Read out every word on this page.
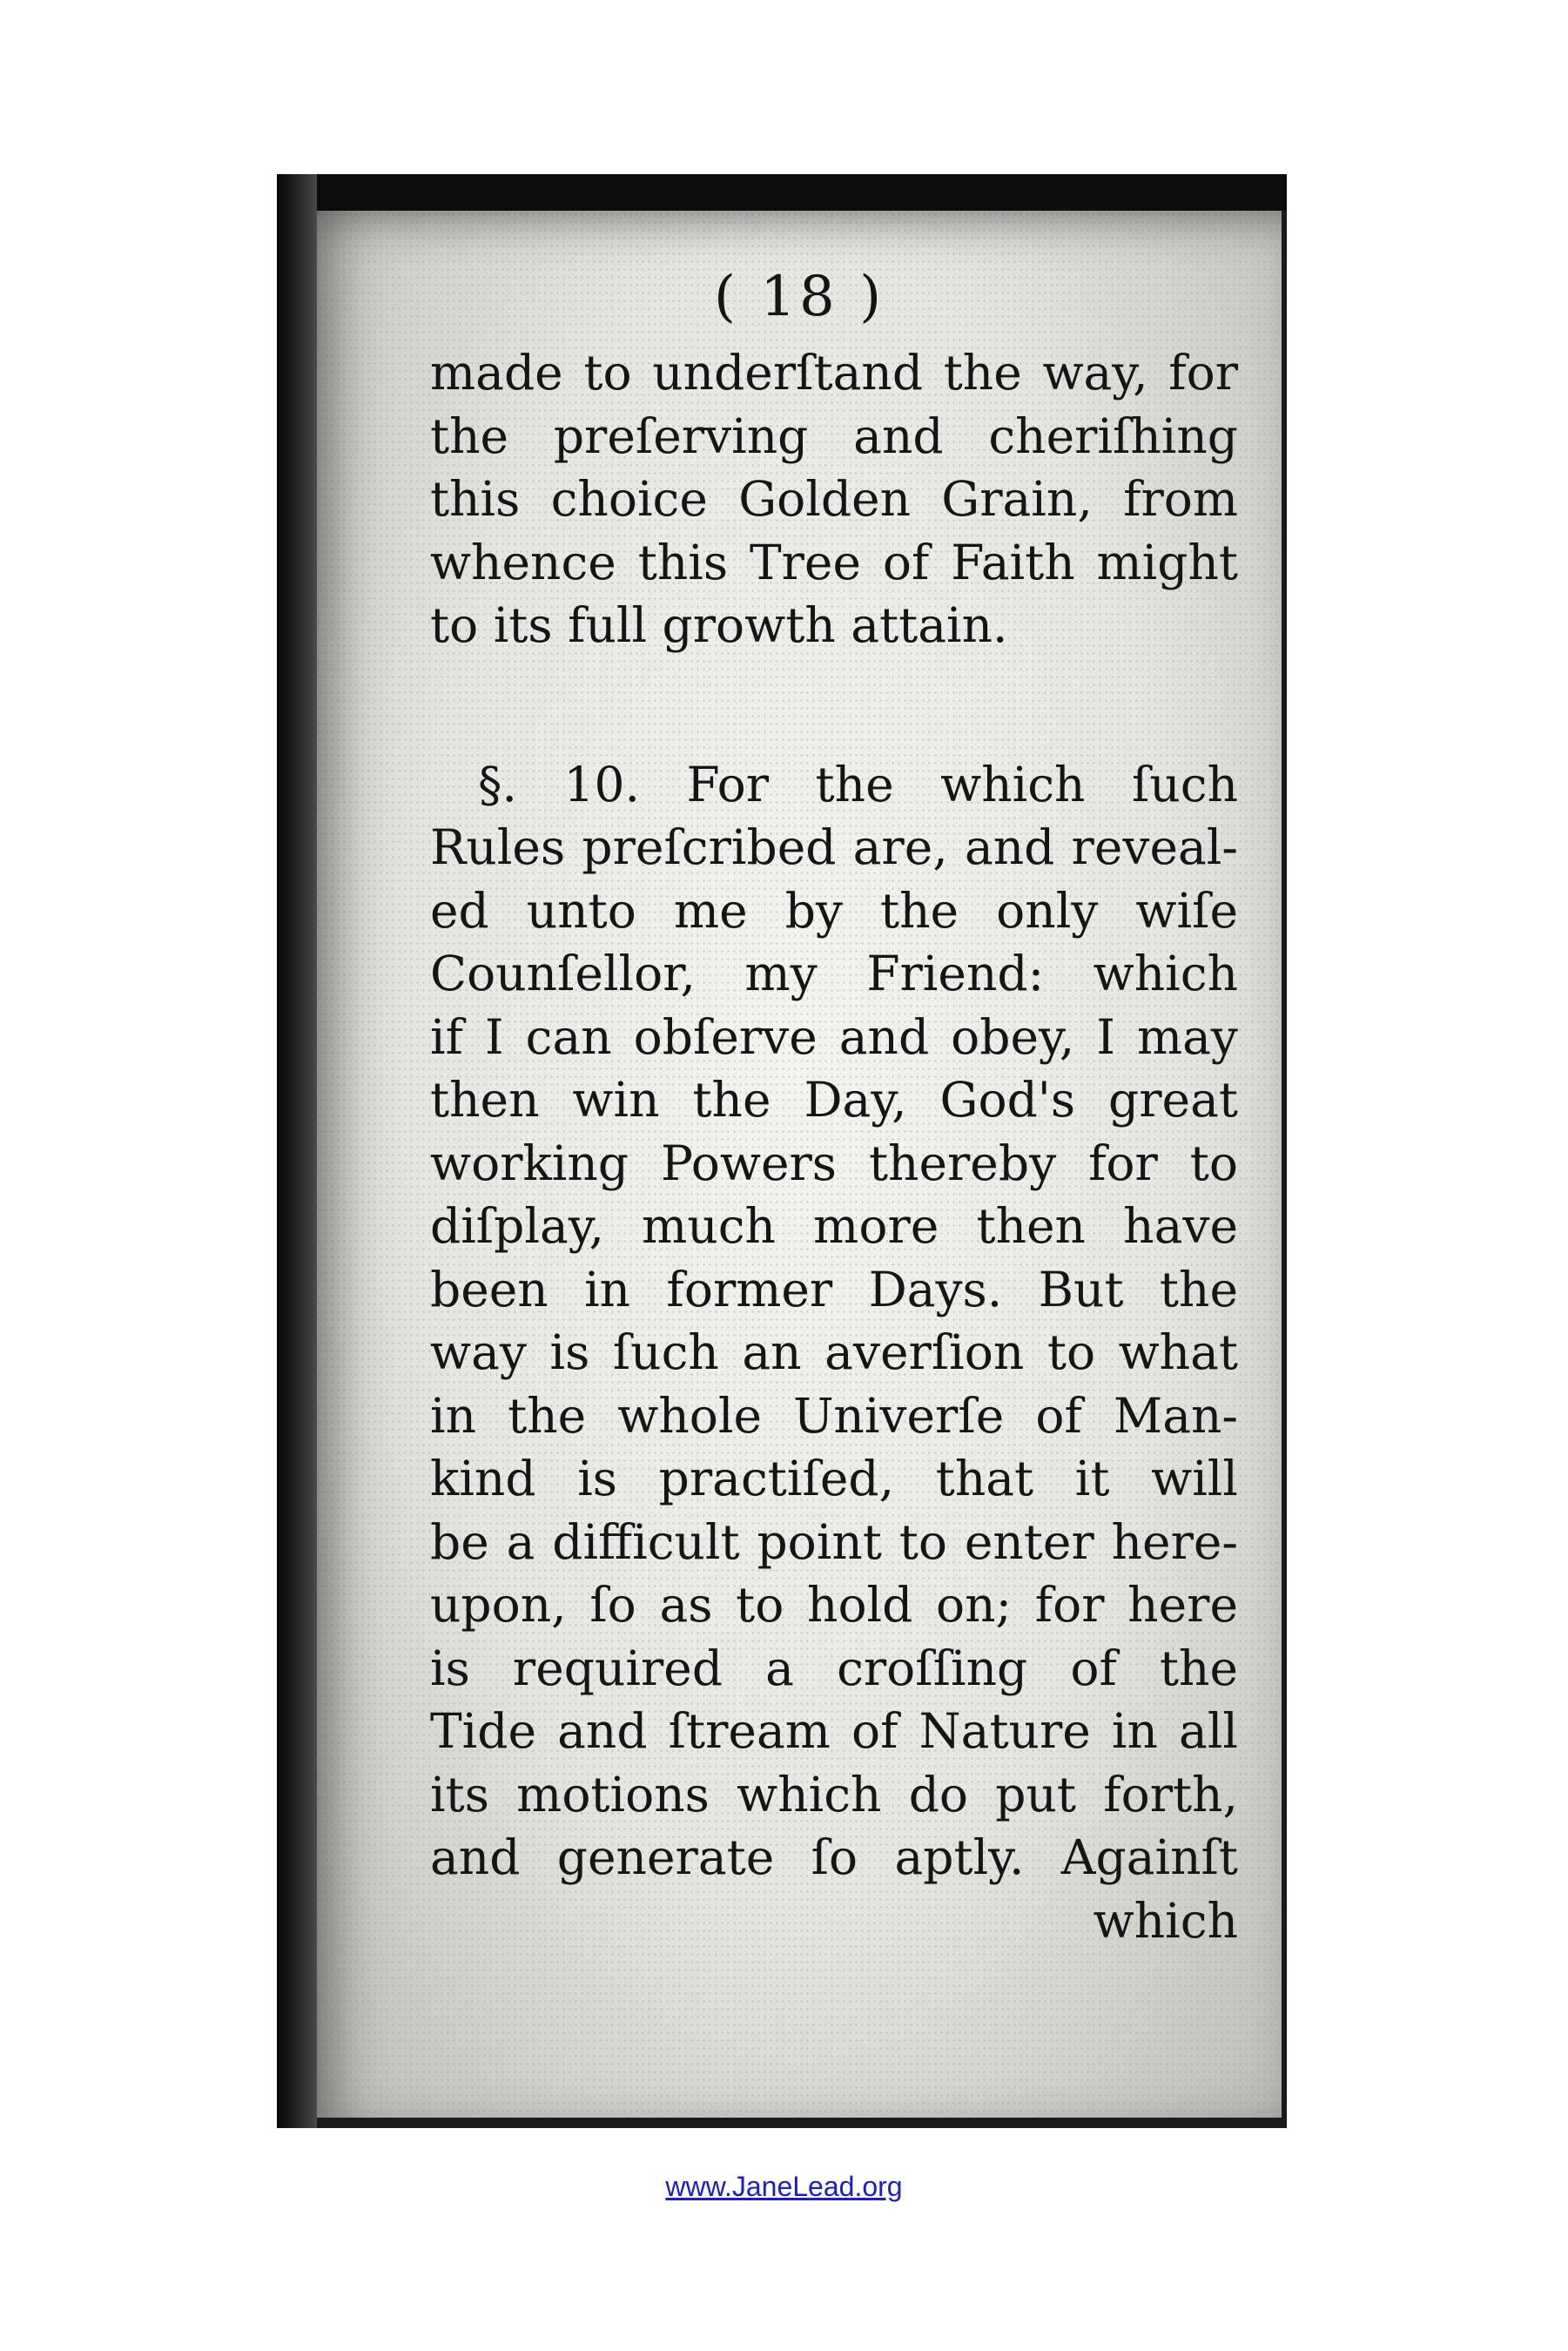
( 18 )
made to underſtand the way, for
the preſerving and cheriſhing
this choice Golden Grain, from
whence this Tree of Faith might
to its full growth attain.
§. 10. For the which ſuch
Rules preſcribed are, and reveal-
ed unto me by the only wiſe
Counſellor, my Friend: which
if I can obſerve and obey, I may
then win the Day, God's great
working Powers thereby for to
diſplay, much more then have
been in former Days. But the
way is ſuch an averſion to what
in the whole Univerſe of Man-
kind is practiſed, that it will
be a difficult point to enter here-
upon, ſo as to hold on; for here
is required a croſſing of the
Tide and ſtream of Nature in all
its motions which do put forth,
and generate ſo aptly. Againſt
which
www.JaneLead.org
